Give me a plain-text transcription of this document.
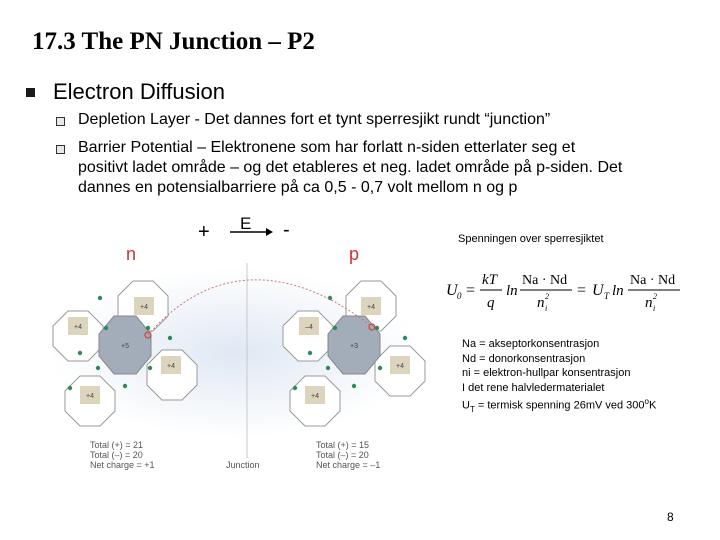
17.3 The PN Junction – P2
Electron Diffusion
Depletion Layer - Det dannes fort et tynt sperresjikt rundt “junction”
Barrier Potential – Elektronene som har forlatt n-siden etterlater seg et
positivt ladet område – og det etableres et neg. ladet område på p-siden. Det
dannes en potensialbarriere på ca 0,5 - 0,7 volt mellom n og p
+ E -
n	p
+4
+4
+4
+4
+5
+4
–4
+4
+4
+3
Total (+) = 21
Total (–) = 20
Net charge = +1
Total (+) = 15
Total (–) = 20
Net charge = –1
Junction
Spenningen over sperresjiktet
U 0 =
kT
q
ln
Na · Nd
n i
2 = U T ln
Na · Nd
n i
2
Na = akseptorkonsentrasjon
Nd = donorkonsentrasjon
ni = elektron-hullpar konsentrasjon
I det rene halvledermaterialet
$U_T$ = termisk spenning 26mV ved 300$^o$K
8
